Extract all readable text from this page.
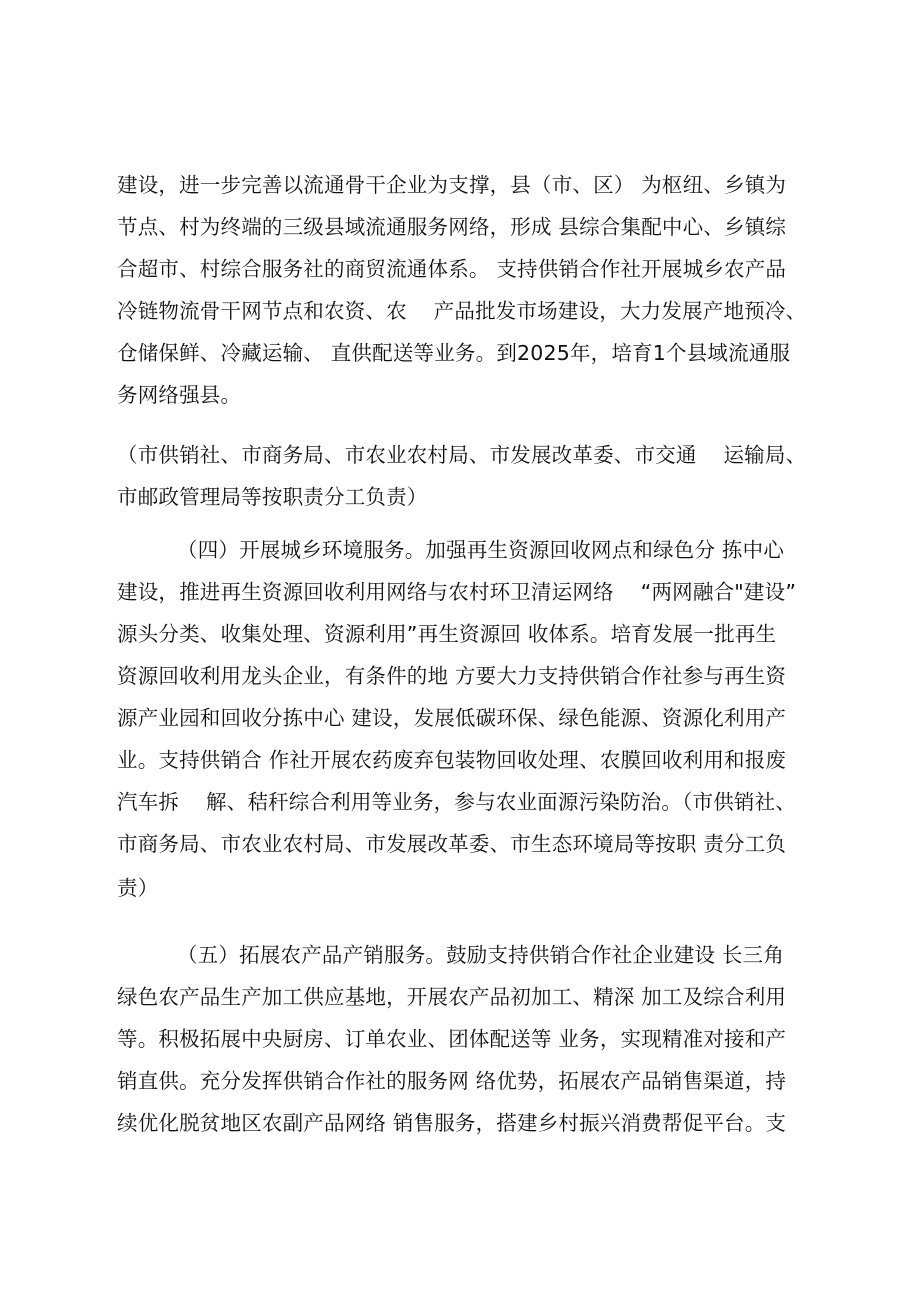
建设，进一步完善以流通骨干企业为支撑，县（市、区） 为枢纽、乡镇为
节点、村为终端的三级县域流通服务网络，形成 县综合集配中心、乡镇综
合超市、村综合服务社的商贸流通体系。 支持供销合作社开展城乡农产品
冷链物流骨干网节点和农资、农    产品批发市场建设，大力发展产地预冷、
仓储保鲜、冷藏运输、 直供配送等业务。到2025年，培育1个县域流通服
务网络强县。
（市供销社、市商务局、市农业农村局、市发展改革委、市交通    运输局、
市邮政管理局等按职责分工负责）
（四）开展城乡环境服务。加强再生资源回收网点和绿色分 拣中心
建设，推进再生资源回收利用网络与农村环卫清运网络    “两网融合"建设”
源头分类、收集处理、资源利用”再生资源回 收体系。培育发展一批再生
资源回收利用龙头企业，有条件的地 方要大力支持供销合作社参与再生资
源产业园和回收分拣中心 建设，发展低碳环保、绿色能源、资源化利用产
业。支持供销合 作社开展农药废弃包装物回收处理、农膜回收利用和报废
汽车拆    解、秸秆综合利用等业务，参与农业面源污染防治。（市供销社、
市商务局、市农业农村局、市发展改革委、市生态环境局等按职 责分工负
责）
（五）拓展农产品产销服务。鼓励支持供销合作社企业建设 长三角
绿色农产品生产加工供应基地，开展农产品初加工、精深 加工及综合利用
等。积极拓展中央厨房、订单农业、团体配送等 业务，实现精准对接和产
销直供。充分发挥供销合作社的服务网 络优势，拓展农产品销售渠道，持
续优化脱贫地区农副产品网络 销售服务，搭建乡村振兴消费帮促平台。支
